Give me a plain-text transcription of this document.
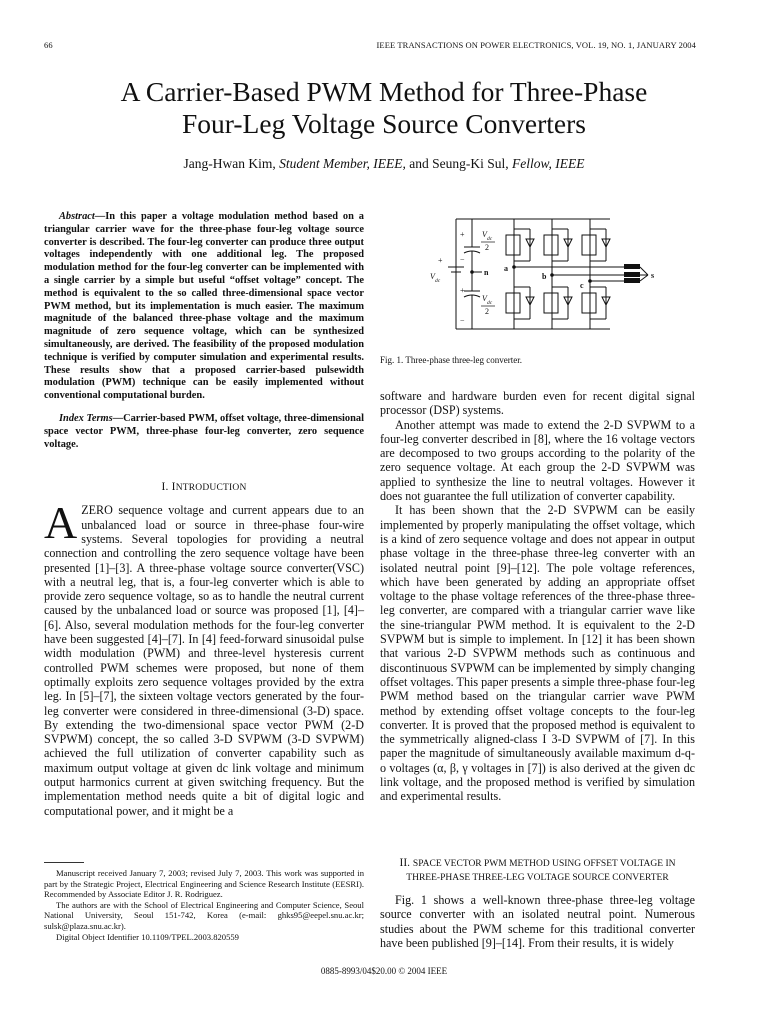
66	IEEE TRANSACTIONS ON POWER ELECTRONICS, VOL. 19, NO. 1, JANUARY 2004
A Carrier-Based PWM Method for Three-Phase
Four-Leg Voltage Source Converters
Jang-Hwan Kim, Student Member, IEEE, and Seung-Ki Sul, Fellow, IEEE

Abstract—In this paper a voltage modulation method based on a triangular carrier wave for the three-phase four-leg voltage source converter is described. The four-leg converter can produce three output voltages independently with one additional leg. The proposed modulation method for the four-leg converter can be implemented with a single carrier by a simple but useful “offset voltage” concept. The method is equivalent to the so called three-dimensional space vector PWM method, but its implementation is much easier. The maximum magnitude of the balanced three-phase voltage and the maximum magnitude of zero sequence voltage, which can be synthesized simultaneously, are derived. The feasibility of the proposed modulation technique is verified by computer simulation and experimental results. These results show that a proposed carrier-based pulsewidth modulation (PWM) technique can be easily implemented without conventional computational burden.

Index Terms—Carrier-based PWM, offset voltage, three-dimensional space vector PWM, three-phase four-leg converter, zero sequence voltage.

I. INTRODUCTION

AZERO sequence voltage and current appears due to an unbalanced load or source in three-phase four-wire systems. Several topologies for providing a neutral connection and controlling the zero sequence voltage have been presented [1]–[3]. A three-phase voltage source converter(VSC) with a neutral leg, that is, a four-leg converter which is able to provide zero sequence voltage, so as to handle the neutral current caused by the unbalanced load or source was proposed [1], [4]–[6]. Also, several modulation methods for the four-leg converter have been suggested [4]–[7]. In [4] feed-forward sinusoidal pulse width modulation (PWM) and three-level hysteresis current controlled PWM schemes were proposed, but none of them optimally exploits zero sequence voltages provided by the extra leg. In [5]–[7], the sixteen voltage vectors generated by the four-leg converter were considered in three-dimensional (3-D) space. By extending the two-dimensional space vector PWM (2-D SVPWM) concept, the so called 3-D SVPWM (3-D SVPWM) achieved the full utilization of converter capability such as maximum output voltage at given dc link voltage and minimum output harmonics current at given switching frequency. But the implementation method needs quite a bit of digital logic and computational power, and it might be a

Manuscript received January 7, 2003; revised July 7, 2003. This work was supported in part by the Strategic Project, Electrical Engineering and Science Research Institute (EESRI). Recommended by Associate Editor J. R. Rodriguez.

The authors are with the School of Electrical Engineering and Computer Science, Seoul National University, Seoul 151-742, Korea (e-mail: ghks95@eepel.snu.ac.kr; sulsk@plaza.snu.ac.kr).

Digital Object Identifier 10.1109/TPEL.2003.820559

+ V dc
2
−
+
V dc
+
V dc
2
−
n a
b
c
s
Fig. 1. Three-phase three-leg converter.

software and hardware burden even for recent digital signal processor (DSP) systems.

Another attempt was made to extend the 2-D SVPWM to a four-leg converter described in [8], where the 16 voltage vectors are decomposed to two groups according to the polarity of the zero sequence voltage. At each group the 2-D SVPWM was applied to synthesize the line to neutral voltages. However it does not guarantee the full utilization of converter capability.

It has been shown that the 2-D SVPWM can be easily implemented by properly manipulating the offset voltage, which is a kind of zero sequence voltage and does not appear in output phase voltage in the three-phase three-leg converter with an isolated neutral point [9]–[12]. The pole voltage references, which have been generated by adding an appropriate offset voltage to the phase voltage references of the three-phase three-leg converter, are compared with a triangular carrier wave like the sine-triangular PWM method. It is equivalent to the 2-D SVPWM but is simple to implement. In [12] it has been shown that various 2-D SVPWM methods such as continuous and discontinuous SVPWM can be implemented by simply changing offset voltages. This paper presents a simple three-phase four-leg PWM method based on the triangular carrier wave PWM method by extending offset voltage concepts to the four-leg converter. It is proved that the proposed method is equivalent to the symmetrically aligned-class I 3-D SVPWM of [7]. In this paper the magnitude of simultaneously available maximum d-q-o voltages (α, β, γ voltages in [7]) is also derived at the given dc link voltage, and the proposed method is verified by simulation and experimental results.

II. SPACE VECTOR PWM METHOD USING OFFSET VOLTAGE IN
THREE-PHASE THREE-LEG VOLTAGE SOURCE CONVERTER

Fig. 1 shows a well-known three-phase three-leg voltage source converter with an isolated neutral point. Numerous studies about the PWM scheme for this traditional converter have been published [9]–[14]. From their results, it is widely

0885-8993/04$20.00 © 2004 IEEE
